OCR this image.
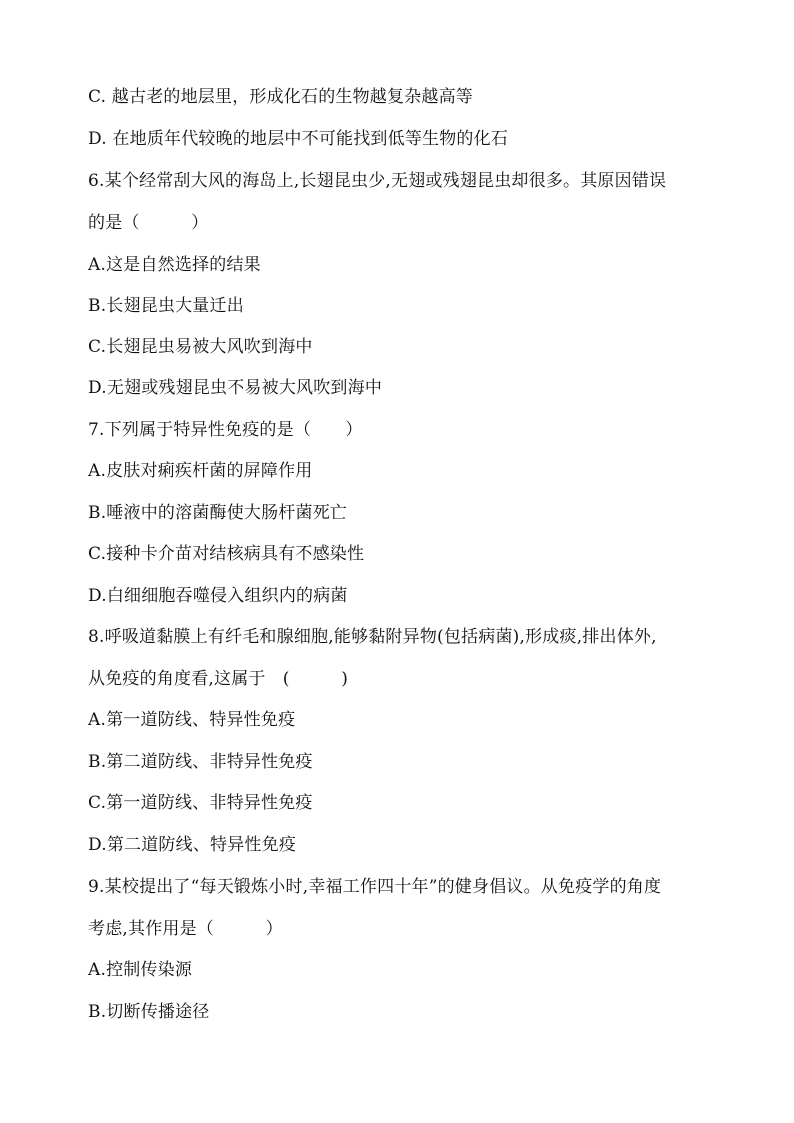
C. 越古老的地层里，形成化石的生物越复杂越高等
D. 在地质年代较晚的地层中不可能找到低等生物的化石
6.某个经常刮大风的海岛上,长翅昆虫少,无翅或残翅昆虫却很多。其原因错误
的是（　　　）
A.这是自然选择的结果
B.长翅昆虫大量迁出
C.长翅昆虫易被大风吹到海中
D.无翅或残翅昆虫不易被大风吹到海中
7.下列属于特异性免疫的是（　　）
A.皮肤对痢疾杆菌的屏障作用
B.唾液中的溶菌酶使大肠杆菌死亡
C.接种卡介苗对结核病具有不感染性
D.白细细胞吞噬侵入组织内的病菌
8.呼吸道黏膜上有纤毛和腺细胞,能够黏附异物(包括病菌),形成痰,排出体外,
从免疫的角度看,这属于　(　　　)
A.第一道防线、特异性免疫
B.第二道防线、非特异性免疫
C.第一道防线、非特异性免疫
D.第二道防线、特异性免疫
9.某校提出了“每天锻炼小时,幸福工作四十年”的健身倡议。从免疫学的角度
考虑,其作用是（　　　）
A.控制传染源
B.切断传播途径
